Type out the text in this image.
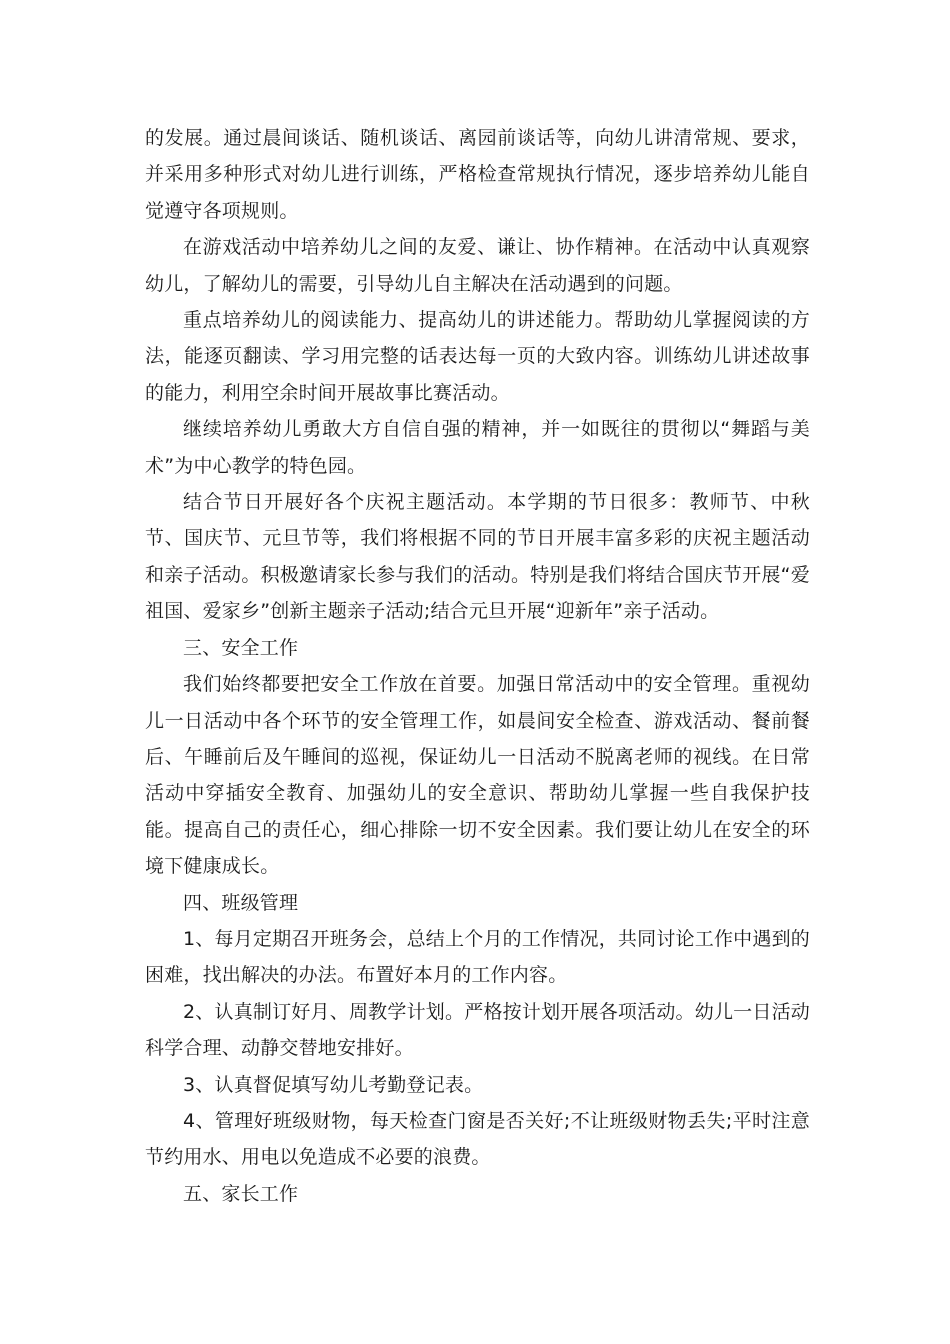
的发展。通过晨间谈话、随机谈话、离园前谈话等，向幼儿讲清常规、要求，并采用多种形式对幼儿进行训练，严格检查常规执行情况，逐步培养幼儿能自觉遵守各项规则。

在游戏活动中培养幼儿之间的友爱、谦让、协作精神。在活动中认真观察幼儿，了解幼儿的需要，引导幼儿自主解决在活动遇到的问题。

重点培养幼儿的阅读能力、提高幼儿的讲述能力。帮助幼儿掌握阅读的方法，能逐页翻读、学习用完整的话表达每一页的大致内容。训练幼儿讲述故事的能力，利用空余时间开展故事比赛活动。

继续培养幼儿勇敢大方自信自强的精神，并一如既往的贯彻以“舞蹈与美术”为中心教学的特色园。

结合节日开展好各个庆祝主题活动。本学期的节日很多：教师节、中秋节、国庆节、元旦节等，我们将根据不同的节日开展丰富多彩的庆祝主题活动和亲子活动。积极邀请家长参与我们的活动。特别是我们将结合国庆节开展“爱祖国、爱家乡”创新主题亲子活动;结合元旦开展“迎新年”亲子活动。

三、安全工作

我们始终都要把安全工作放在首要。加强日常活动中的安全管理。重视幼儿一日活动中各个环节的安全管理工作，如晨间安全检查、游戏活动、餐前餐后、午睡前后及午睡间的巡视，保证幼儿一日活动不脱离老师的视线。在日常活动中穿插安全教育、加强幼儿的安全意识、帮助幼儿掌握一些自我保护技能。提高自己的责任心，细心排除一切不安全因素。我们要让幼儿在安全的环境下健康成长。

四、班级管理

1、每月定期召开班务会，总结上个月的工作情况，共同讨论工作中遇到的困难，找出解决的办法。布置好本月的工作内容。

2、认真制订好月、周教学计划。严格按计划开展各项活动。幼儿一日活动科学合理、动静交替地安排好。

3、认真督促填写幼儿考勤登记表。

4、管理好班级财物，每天检查门窗是否关好;不让班级财物丢失;平时注意节约用水、用电以免造成不必要的浪费。

五、家长工作
